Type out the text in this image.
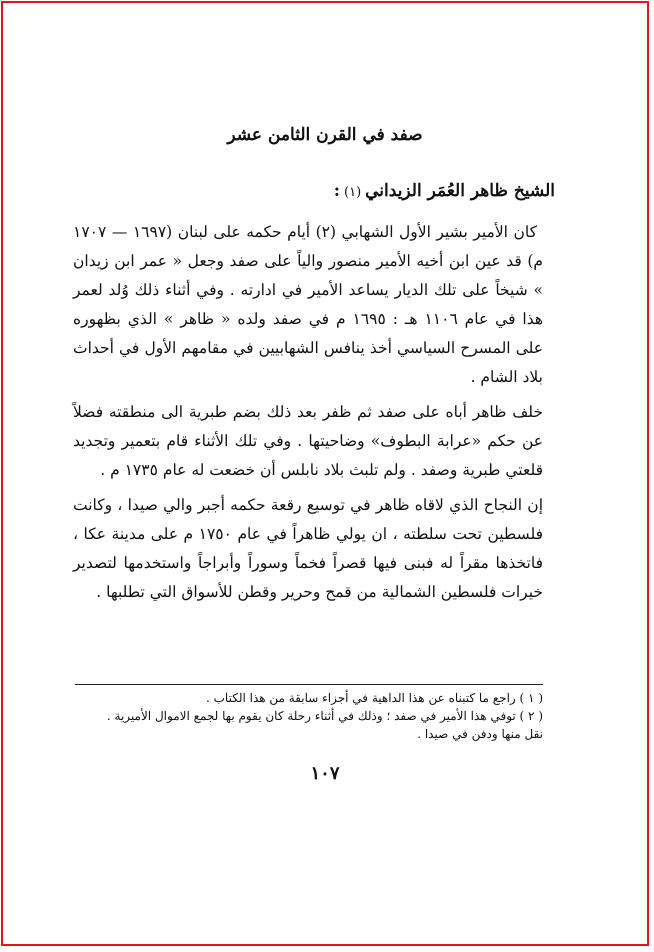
صفد في القرن الثامن عشر
الشيخ ظاهر العُمَر الزيداني(١):

كان الأمير بشير الأول الشهابي (٢) أيام حكمه على لبنان (١٦٩٧ — ١٧٠٧ م) قد عين ابن أخيه الأمير منصور والياً على صفد وجعل « عمر ابن زيدان » شيخاً على تلك الديار يساعد الأمير في ادارته . وفي أثناء ذلك وُلد لعمر هذا في عام ١١٠٦ هـ : ١٦٩٥ م في صفد ولده « ظاهر » الذي بظهوره على المسرح السياسي أخذ ينافس الشهابيين في مقامهم الأول في أحداث بلاد الشام .

خلف ظاهر أباه على صفد ثم ظفر بعد ذلك بضم طبرية الى منطقته فضلاً عن حكم «عرابة البطوف» وضاحيتها . وفي تلك الأثناء قام بتعمير وتجديد قلعتي طبرية وصفد . ولم تلبث بلاد نابلس أن خضعت له عام ١٧٣٥ م .

إن النجاح الذي لاقاه ظاهر في توسيع رقعة حكمه أجبر والي صيدا ، وكانت فلسطين تحت سلطته ، ان يولي ظاهراً في عام ١٧٥٠ م على مدينة عكا ، فاتخذها مقراً له فبنى فيها قصراً فخماً وسوراً وأبراجاً واستخدمها لتصدير خيرات فلسطين الشمالية من قمح وحرير وقطن للأسواق التي تطلبها .

( ١ ) راجع ما كتبناه عن هذا الداهية في أجزاء سابقة من هذا الكتاب .

( ٢ ) توفي هذا الأمير في صفد ؛ وذلك في أثناء رحلة كان يقوم بها لجمع الاموال الأميرية .

نقل منها ودفن في صيدا .

١٠٧
